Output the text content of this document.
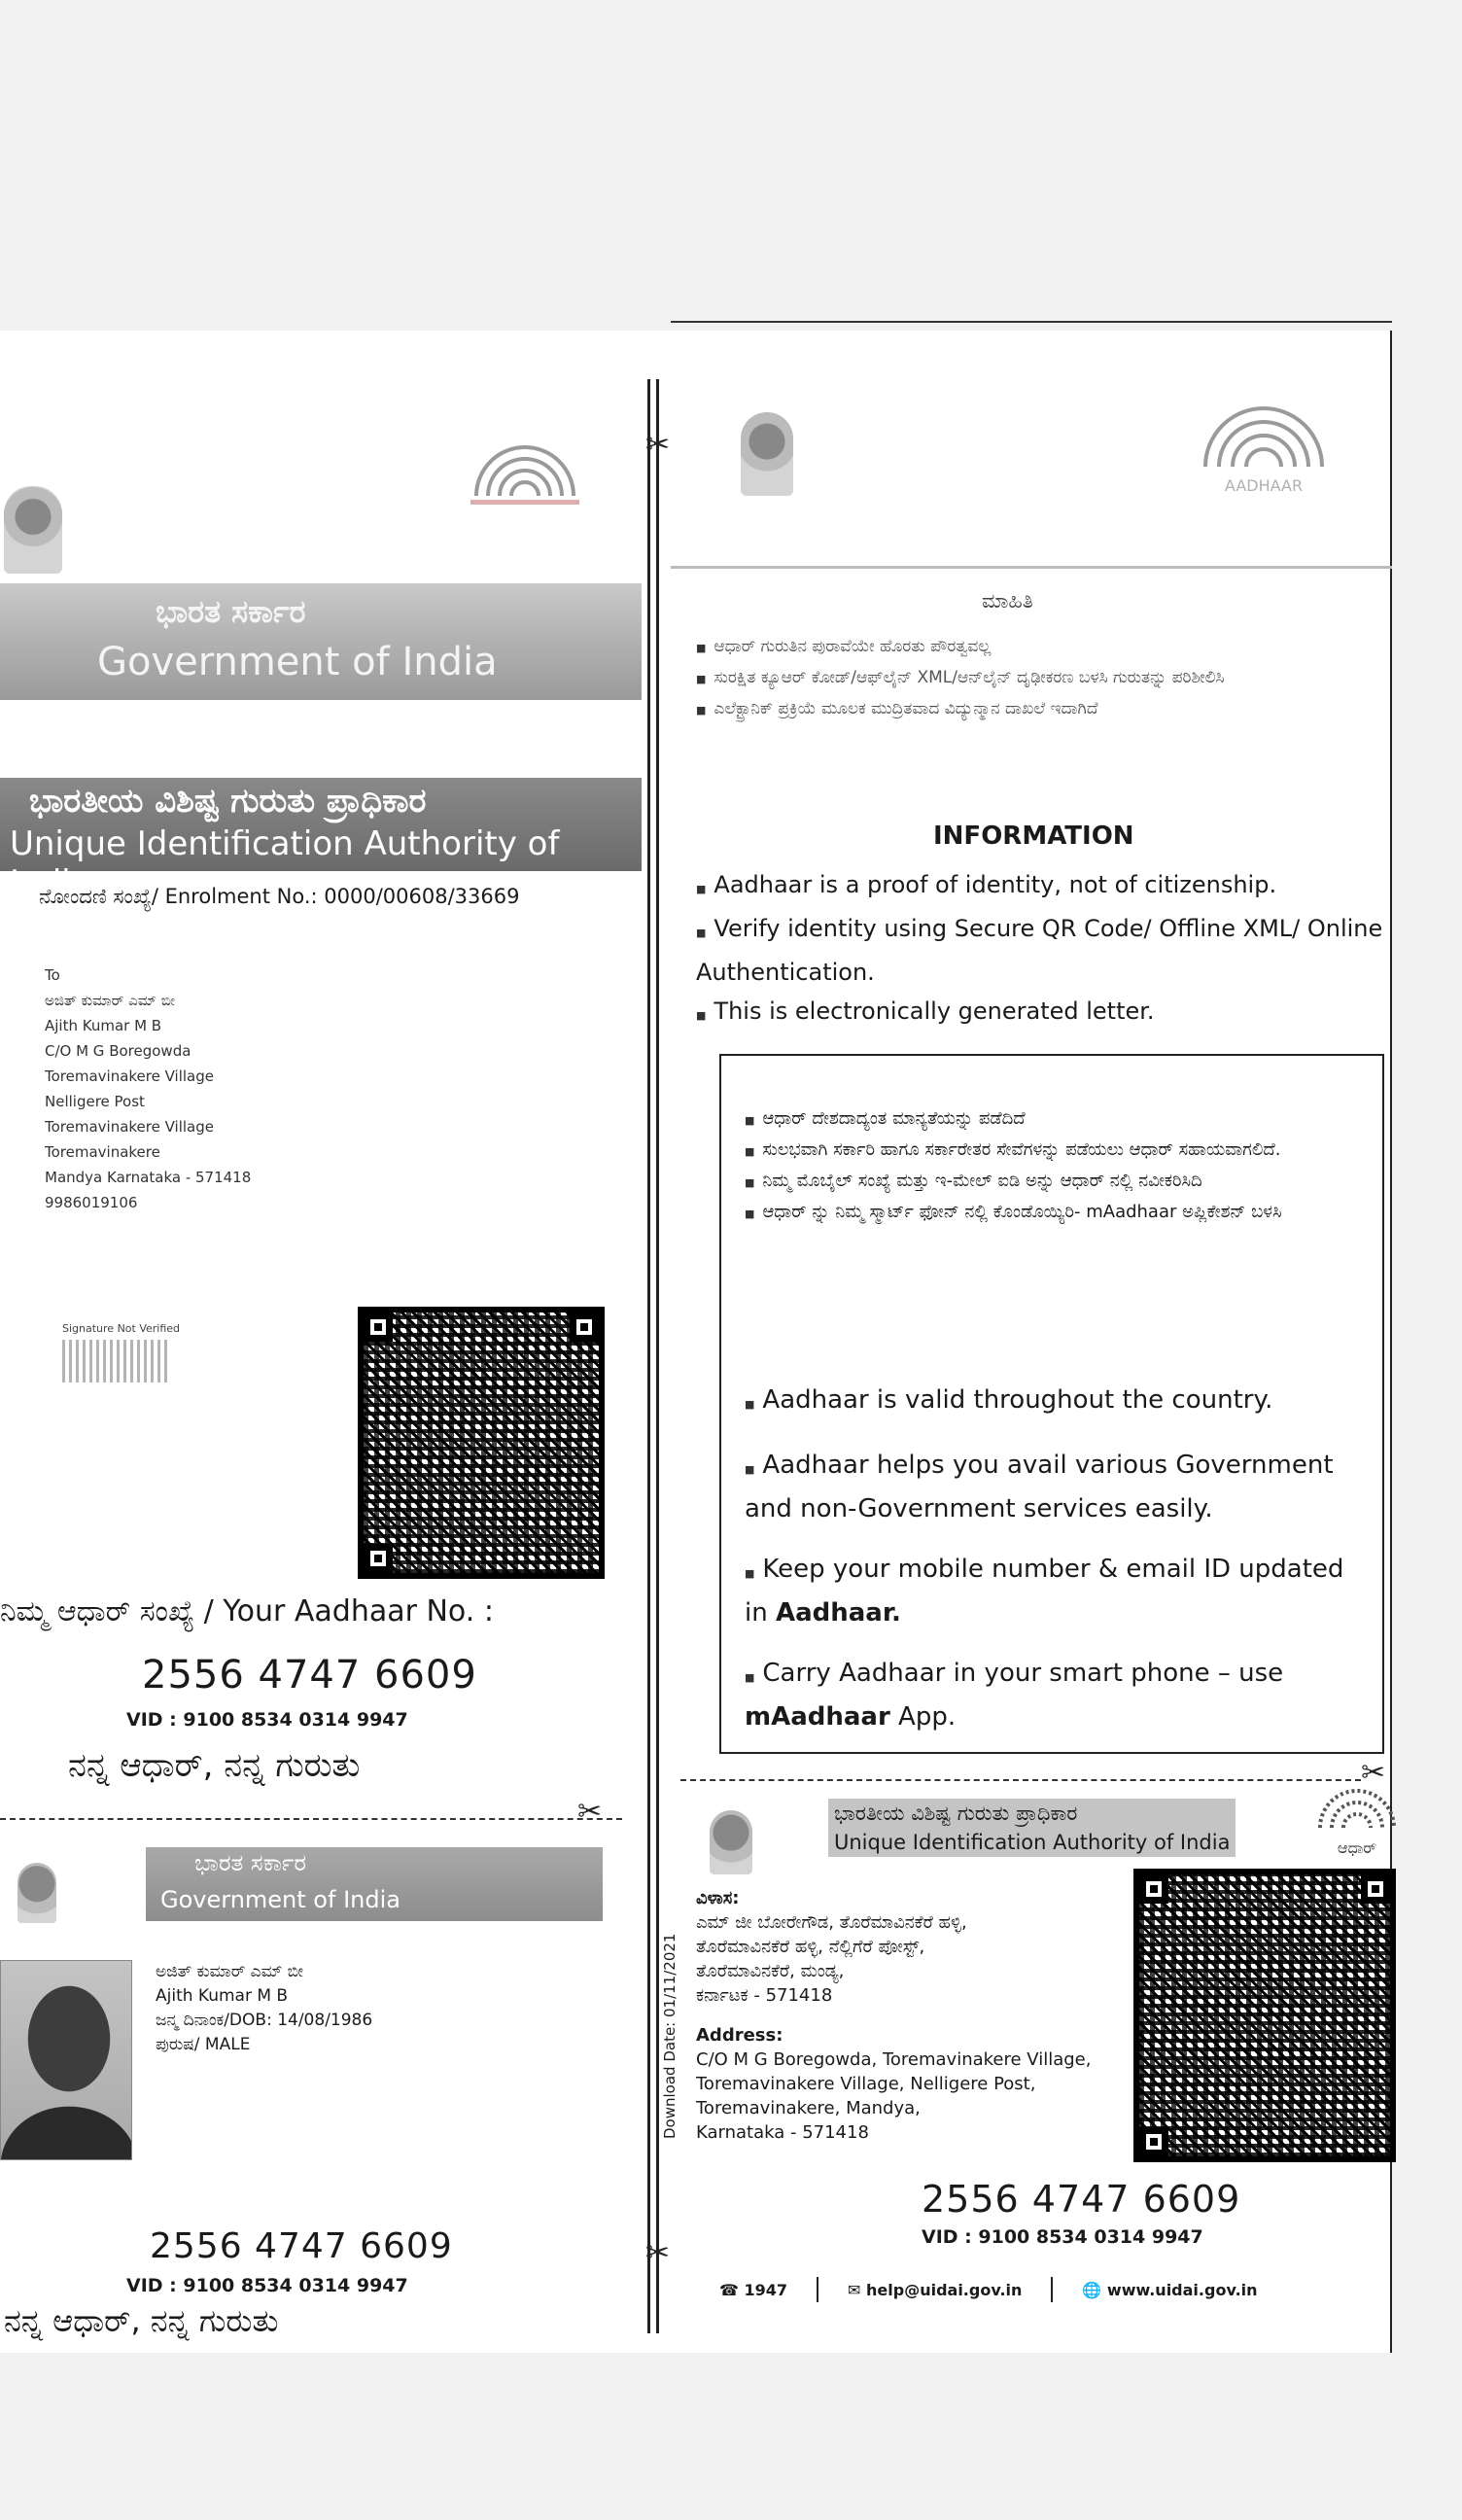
✂
✂
ಭಾರತ ಸರ್ಕಾರ
Government of India
ಭಾರತೀಯ ವಿಶಿಷ್ಟ ಗುರುತು ಪ್ರಾಧಿಕಾರ
Unique Identification Authority of India
ನೋಂದಣಿ ಸಂಖ್ಯೆ/ Enrolment No.: 0000/00608/33669
To
ಅಜಿತ್ ಕುಮಾರ್ ಎಮ್ ಬೀ
Ajith Kumar M B
C/O M G Boregowda
Toremavinakere Village
Nelligere Post
Toremavinakere Village
Toremavinakere
Mandya Karnataka - 571418
9986019106
Signature Not Verified
ನಿಮ್ಮ ಆಧಾರ್ ಸಂಖ್ಯೆ / Your Aadhaar No. :
2556 4747 6609
VID : 9100 8534 0314 9947
ನನ್ನ ಆಧಾರ್, ನನ್ನ ಗುರುತು
✂
ಭಾರತ ಸರ್ಕಾರ
Government of India
ಅಜಿತ್ ಕುಮಾರ್ ಎಮ್ ಬೀ
Ajith Kumar M B
ಜನ್ಮ ದಿನಾಂಕ/DOB: 14/08/1986
ಪುರುಷ/ MALE
2556 4747 6609
VID : 9100 8534 0314 9947
ನನ್ನ ಆಧಾರ್, ನನ್ನ ಗುರುತು
AADHAAR
ಮಾಹಿತಿ
■ ಆಧಾರ್ ಗುರುತಿನ ಪುರಾವೆಯೇ ಹೊರತು ಪೌರತ್ವವಲ್ಲ
■ ಸುರಕ್ಷಿತ ಕ್ಯೂಆರ್ ಕೋಡ್/ಆಫ್‌ಲೈನ್ XML/ಆನ್‌ಲೈನ್ ದೃಢೀಕರಣ ಬಳಸಿ ಗುರುತನ್ನು ಪರಿಶೀಲಿಸಿ
■ ಎಲೆಕ್ಟ್ರಾನಿಕ್ ಪ್ರಕ್ರಿಯೆ ಮೂಲಕ ಮುದ್ರಿತವಾದ ವಿದ್ಯುನ್ಮಾನ ದಾಖಲೆ ಇದಾಗಿದೆ
INFORMATION
■ Aadhaar is a proof of identity, not of citizenship.
■ Verify identity using Secure QR Code/ Offline XML/ Online Authentication.
■ This is electronically generated letter.
■ ಆಧಾರ್ ದೇಶದಾದ್ಯಂತ ಮಾನ್ಯತೆಯನ್ನು ಪಡೆದಿದೆ
■ ಸುಲಭವಾಗಿ ಸರ್ಕಾರಿ ಹಾಗೂ ಸರ್ಕಾರೇತರ ಸೇವೆಗಳನ್ನು ಪಡೆಯಲು ಆಧಾರ್ ಸಹಾಯವಾಗಲಿದೆ.
■ ನಿಮ್ಮ ಮೊಬೈಲ್ ಸಂಖ್ಯೆ ಮತ್ತು ಇ-ಮೇಲ್ ಐಡಿ ಅನ್ನು ಆಧಾರ್ ನಲ್ಲಿ ನವೀಕರಿಸಿದಿ
■ ಆಧಾರ್ ನ್ನು ನಿಮ್ಮ ಸ್ಮಾರ್ಟ್ ಫೋನ್ ನಲ್ಲಿ ಕೊಂಡೊಯ್ಯಿರಿ- mAadhaar ಅಪ್ಲಿಕೇಶನ್ ಬಳಸಿ
■ Aadhaar is valid throughout the country.
■ Aadhaar helps you avail various Government and non-Government services easily.
■ Keep your mobile number & email ID updated in Aadhaar.
■ Carry Aadhaar in your smart phone – use mAadhaar App.
✂
ಭಾರತೀಯ ವಿಶಿಷ್ಟ ಗುರುತು ಪ್ರಾಧಿಕಾರ
Unique Identification Authority of India	ಆಧಾರ್
Download Date: 01/11/2021
ವಿಳಾಸ:
ಎಮ್ ಜೀ ಬೋರೇಗೌಡ, ತೊರೆಮಾವಿನಕೆರೆ ಹಳ್ಳಿ,
ತೊರೆಮಾವಿನಕೆರೆ ಹಳ್ಳಿ, ನೆಲ್ಲಿಗೆರೆ ಪೋಸ್ಟ್,
ತೊರೆಮಾವಿನಕೆರೆ, ಮಂಡ್ಯ,
ಕರ್ನಾಟಕ - 571418
Address:
C/O M G Boregowda, Toremavinakere Village,
Toremavinakere Village, Nelligere Post,
Toremavinakere, Mandya,
Karnataka - 571418
2556 4747 6609
VID : 9100 8534 0314 9947
☎ 1947	✉ help@uidai.gov.in	🌐 www.uidai.gov.in
